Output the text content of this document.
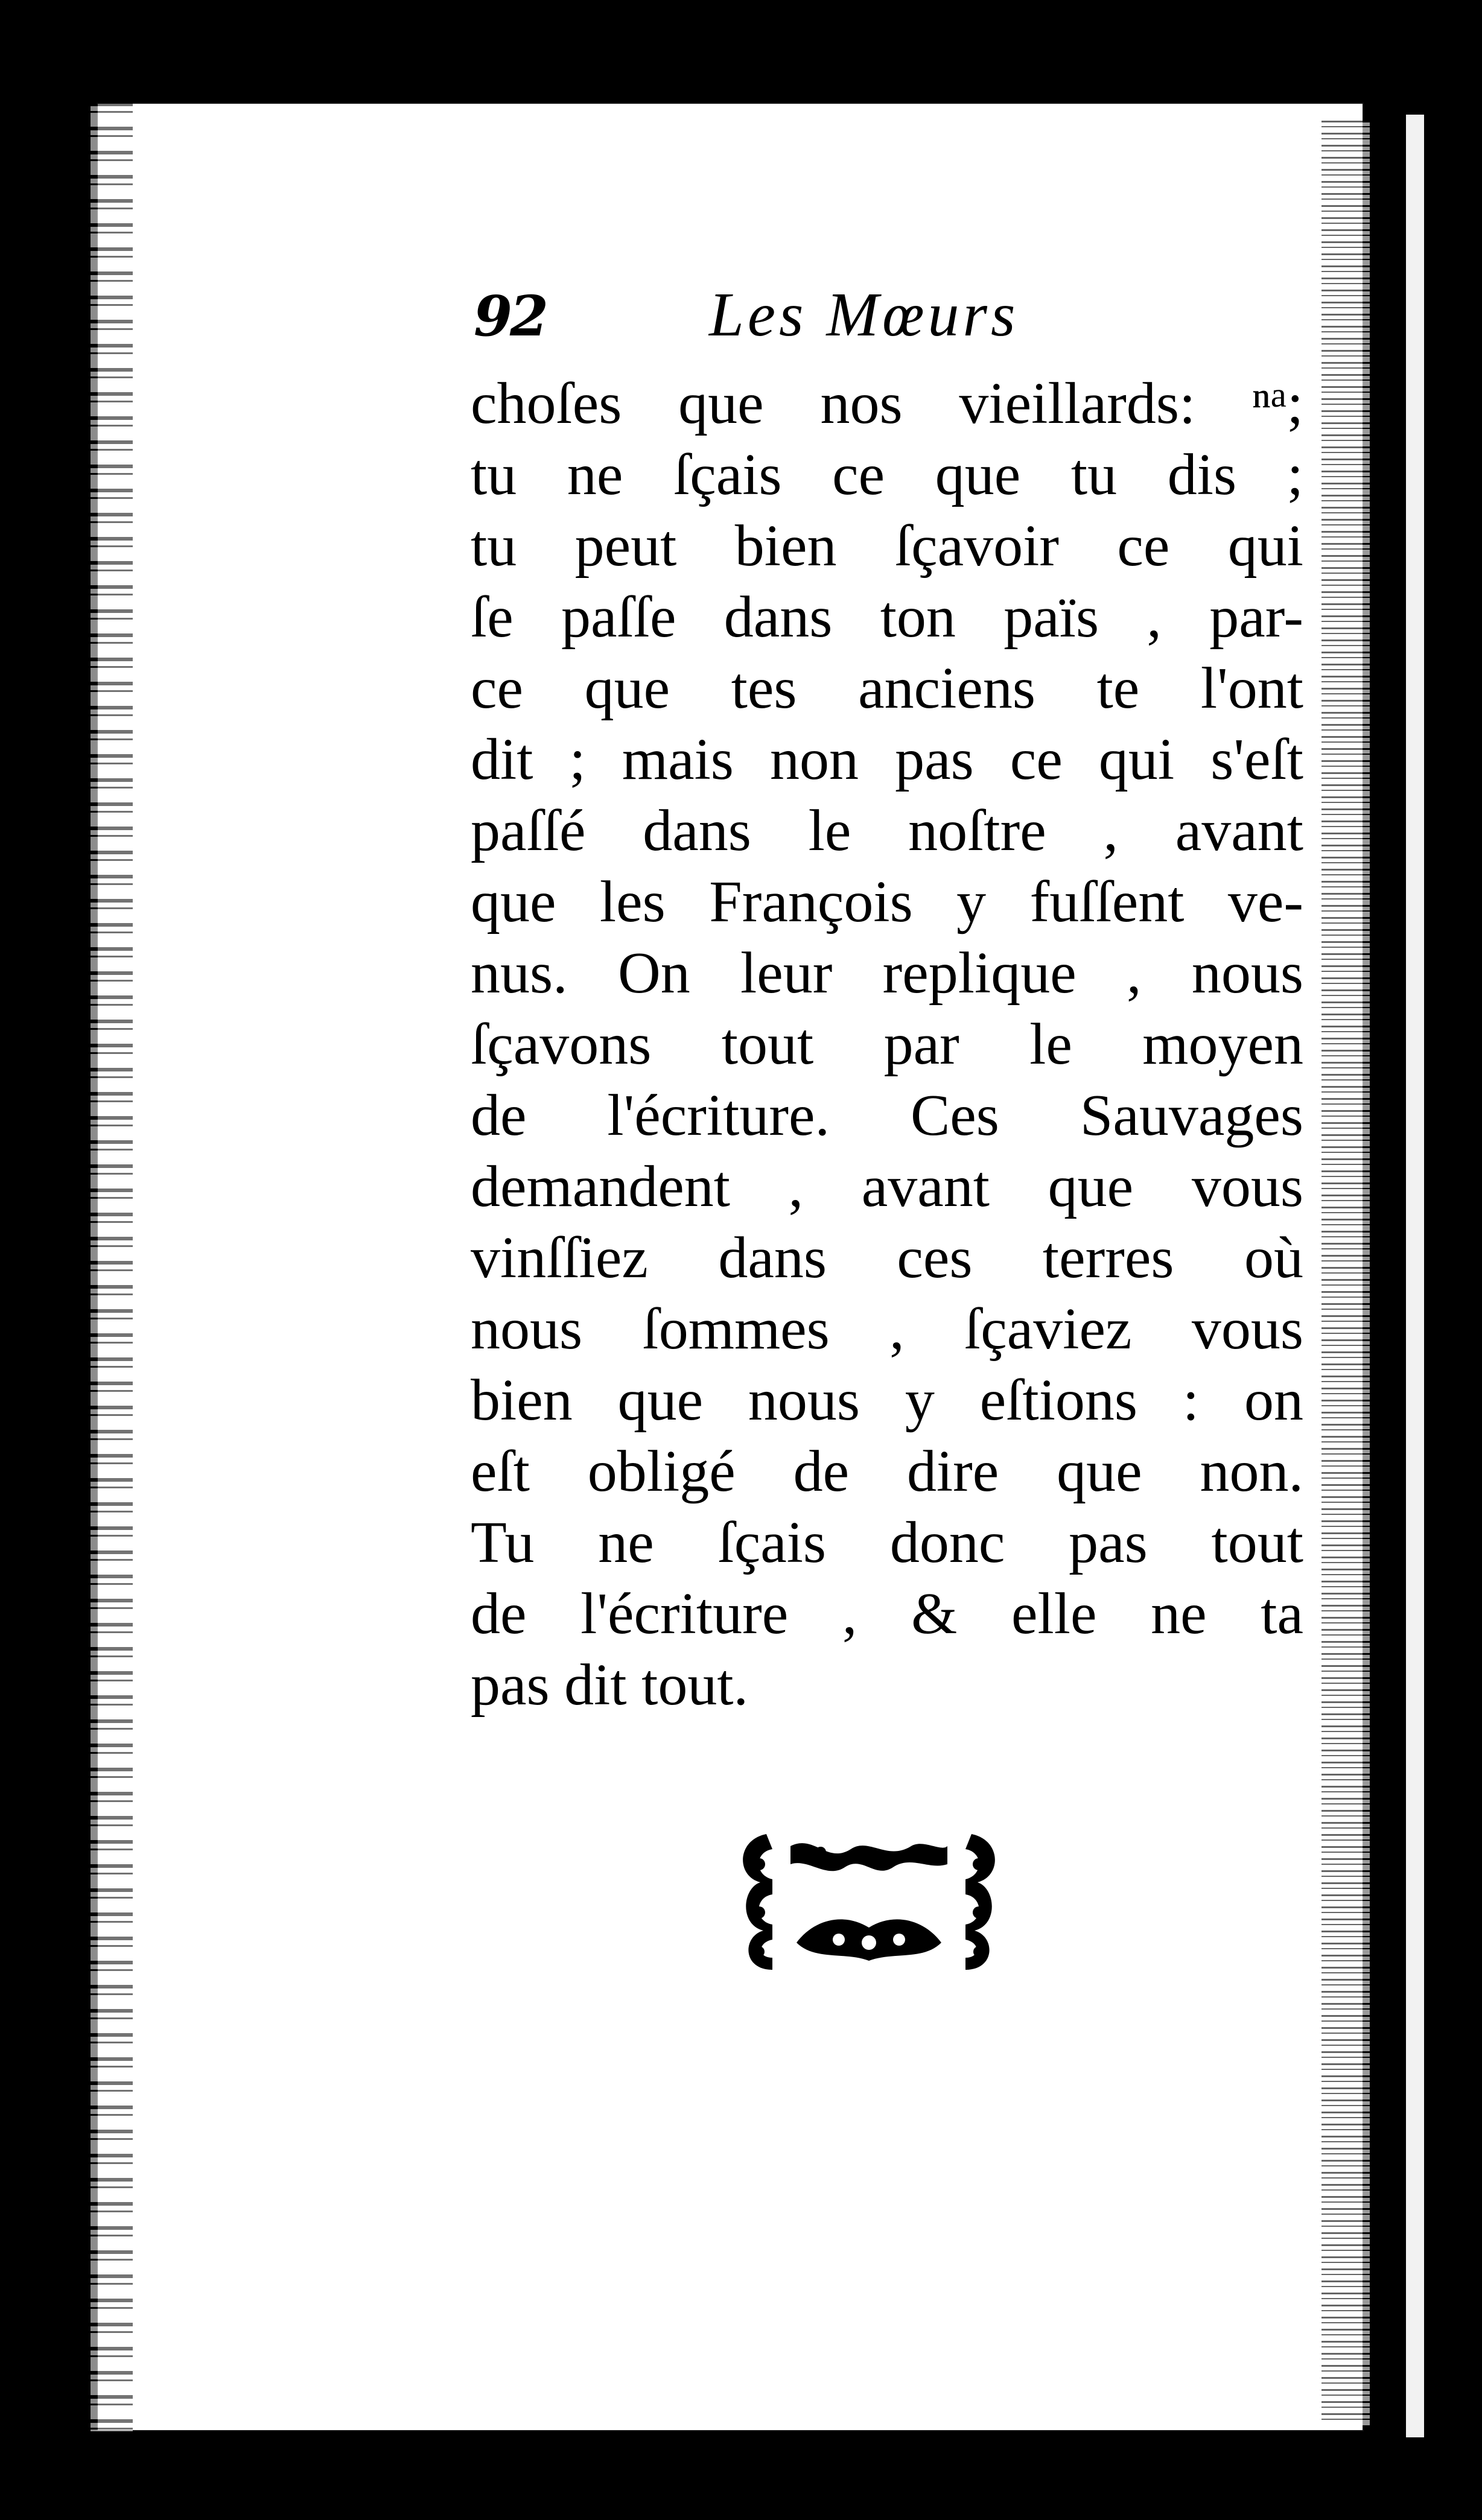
92	Les Mœurs
choſes que nos vieillards: ⁿᵃ;
tu ne ſçais ce que tu dis ;
tu peut bien ſçavoir ce qui
ſe paſſe dans ton païs , par-
ce que tes anciens te l'ont
dit ; mais non pas ce qui s'eſt
paſſé dans le noſtre , avant
que les François y fuſſent ve-
nus. On leur replique , nous
ſçavons tout par le moyen
de l'écriture. Ces Sauvages
demandent , avant que vous
vinſſiez dans ces terres où
nous ſommes , ſçaviez vous
bien que nous y eſtions : on
eſt obligé de dire que non.
Tu ne ſçais donc pas tout
de l'écriture , & elle ne ta
pas dit tout.
